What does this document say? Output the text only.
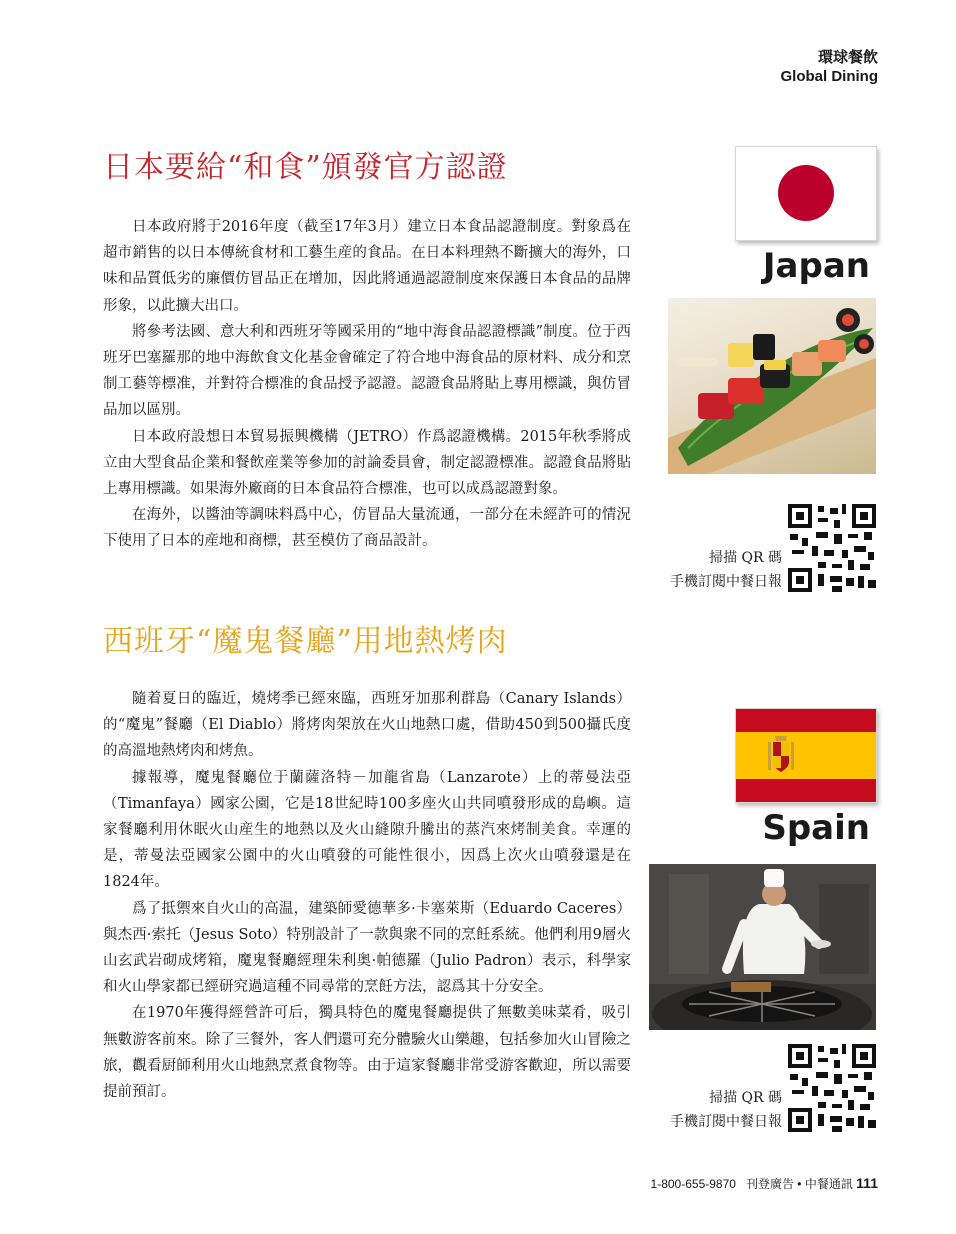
環球餐飲
Global Dining
日本要給“和食”頒發官方認證

日本政府將于2016年度（截至17年3月）建立日本食品認證制度。對象爲在超市銷售的以日本傳統食材和工藝生産的食品。在日本料理熱不斷擴大的海外，口味和品質低劣的廉價仿冒品正在增加，因此將通過認證制度來保護日本食品的品牌形象，以此擴大出口。

將參考法國、意大利和西班牙等國采用的“地中海食品認證標識”制度。位于西班牙巴塞羅那的地中海飲食文化基金會確定了符合地中海食品的原材料、成分和烹制工藝等標准，并對符合標准的食品授予認證。認證食品將貼上專用標識，與仿冒品加以區別。

日本政府設想日本貿易振興機構（JETRO）作爲認證機構。2015年秋季將成立由大型食品企業和餐飲産業等參加的討論委員會，制定認證標准。認證食品將貼上專用標識。如果海外廠商的日本食品符合標准，也可以成爲認證對象。

在海外，以醬油等調味料爲中心，仿冒品大量流通，一部分在未經許可的情況下使用了日本的産地和商標，甚至模仿了商品設計。

西班牙“魔鬼餐廳”用地熱烤肉

隨着夏日的臨近，燒烤季已經來臨，西班牙加那利群島（Canary Islands）的“魔鬼”餐廳（El Diablo）將烤肉架放在火山地熱口處，借助450到500攝氏度的高溫地熱烤肉和烤魚。

據報導，魔鬼餐廳位于蘭薩洛特－加龍省島（Lanzarote）上的蒂曼法亞（Timanfaya）國家公園，它是18世紀時100多座火山共同噴發形成的島嶼。這家餐廳利用休眠火山産生的地熱以及火山縫隙升騰出的蒸汽來烤制美食。幸運的是，蒂曼法亞國家公園中的火山噴發的可能性很小，因爲上次火山噴發還是在1824年。

爲了抵禦來自火山的高温，建築師愛德華多·卡塞萊斯（Eduardo Caceres）與杰西·索托（Jesus Soto）特别設計了一款與衆不同的烹飪系統。他們利用9層火山玄武岩砌成烤箱，魔鬼餐廳經理朱利奥·帕德羅（Julio Padron）表示，科學家和火山學家都已經研究過這種不同尋常的烹飪方法，認爲其十分安全。

在1970年獲得經營許可后，獨具特色的魔鬼餐廳提供了無數美味菜肴，吸引無數游客前來。除了三餐外，客人們還可充分體驗火山樂趣，包括參加火山冒險之旅，觀看厨師利用火山地熱烹煮食物等。由于這家餐廳非常受游客歡迎，所以需要提前預訂。

Japan
掃描 QR 碼
手機訂閱中餐日報
Spain
掃描 QR 碼
手機訂閱中餐日報
1-800-655-9870 刊登廣告 • 中餐通訊 111
